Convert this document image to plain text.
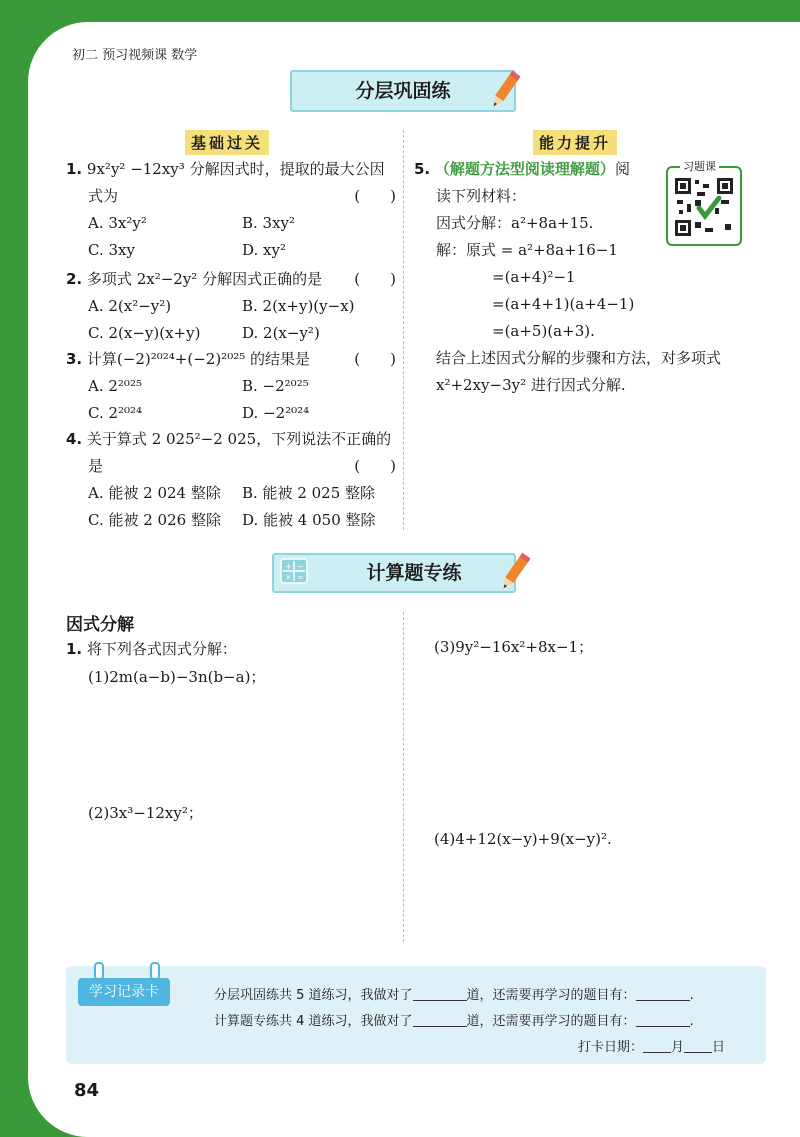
初二 预习视频课 数学
分层巩固练
基础过关	能力提升
1. 9x²y² −12xy³ 分解因式时，提取的最大公因
式为	(　　)
A. 3x²y²	B. 3xy²
C. 3xy	D. xy²
2. 多项式 2x²−2y² 分解因式正确的是 (　　)
A. 2(x²−y²)	B. 2(x+y)(y−x)
C. 2(x−y)(x+y)	D. 2(x−y²)
3. 计算(−2)²⁰²⁴+(−2)²⁰²⁵ 的结果是	(　　)
A. 2²⁰²⁵	B. −2²⁰²⁵
C. 2²⁰²⁴	D. −2²⁰²⁴
4. 关于算式 2 025²−2 025，下列说法不正确的
是	(　　)
A. 能被 2 024 整除 B. 能被 2 025 整除
C. 能被 2 026 整除 D. 能被 4 050 整除
5. （解题方法型阅读理解题）阅
读下列材料：
因式分解：a²+8a+15.
解：原式 = a²+8a+16−1
=(a+4)²−1
=(a+4+1)(a+4−1)
=(a+5)(a+3).
结合上述因式分解的步骤和方法，对多项式
x²+2xy−3y² 进行因式分解.
习题课
计算题专练
+ −
× =
因式分解
1. 将下列各式因式分解：
(1)2m(a−b)−3n(b−a)；
(2)3x³−12xy²；
(3)9y²−16x²+8x−1；
(4)4+12(x−y)+9(x−y)².
学习记录卡	分层巩固练共 5 道练习，我做对了	道，还需要再学习的题目有：	.
计算题专练共 4 道练习，我做对了	道，还需要再学习的题目有：	.
打卡日期： 月 日
84
